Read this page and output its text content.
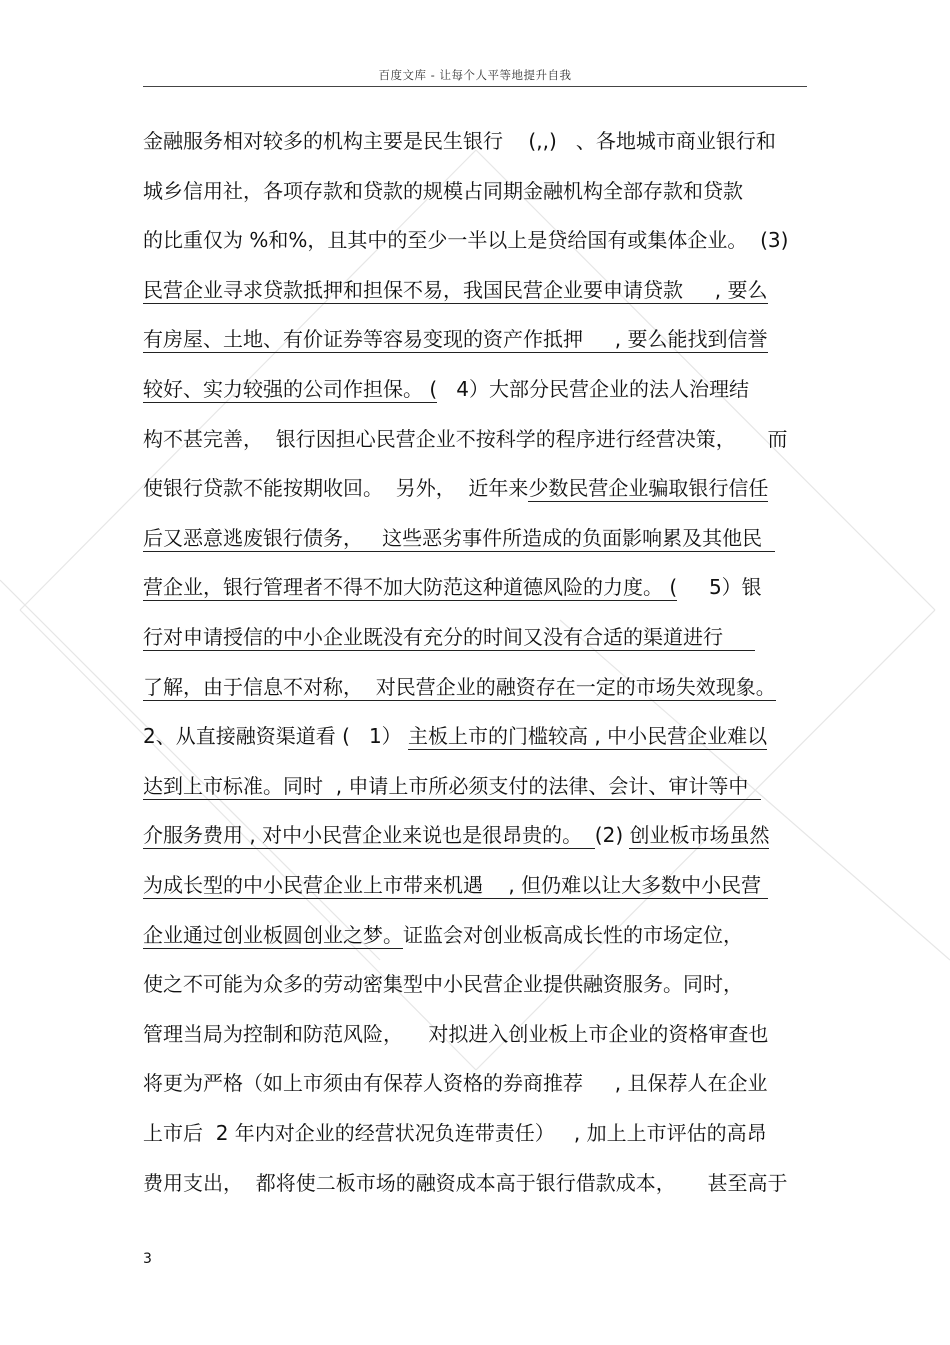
百度文库 - 让每个人平等地提升自我
金融服务相对较多的机构主要是民生银行    (,,)   、各地城市商业银行和
城乡信用社，各项存款和贷款的规模占同期金融机构全部存款和贷款
的比重仅为 %和%，且其中的至少一半以上是贷给国有或集体企业。  (3)
民营企业寻求贷款抵押和担保不易，我国民营企业要申请贷款     , 要么
有房屋、土地、有价证券等容易变现的资产作抵押     , 要么能找到信誉
较好、实力较强的公司作担保。 (   4）大部分民营企业的法人治理结
构不甚完善，  银行因担心民营企业不按科学的程序进行经营决策，     而
使银行贷款不能按期收回。  另外，  近年来少数民营企业骗取银行信任
后又恶意逃废银行债务，   这些恶劣事件所造成的负面影响累及其他民
营企业，银行管理者不得不加大防范这种道德风险的力度。 (     5）银
行对申请授信的中小企业既没有充分的时间又没有合适的渠道进行
了解，由于信息不对称，  对民营企业的融资存在一定的市场失效现象。
2、从直接融资渠道看 (   1） 主板上市的门槛较高 , 中小民营企业难以
达到上市标准。同时  , 申请上市所必须支付的法律、会计、审计等中
介服务费用 , 对中小民营企业来说也是很昂贵的。  (2) 创业板市场虽然
为成长型的中小民营企业上市带来机遇    , 但仍难以让大多数中小民营
企业通过创业板圆创业之梦。证监会对创业板高成长性的市场定位，
使之不可能为众多的劳动密集型中小民营企业提供融资服务。同时，
管理当局为控制和防范风险，    对拟进入创业板上市企业的资格审查也
将更为严格（如上市须由有保荐人资格的券商推荐     , 且保荐人在企业
上市后  2 年内对企业的经营状况负连带责任）   , 加上上市评估的高昂
费用支出，  都将使二板市场的融资成本高于银行借款成本，     甚至高于
3
